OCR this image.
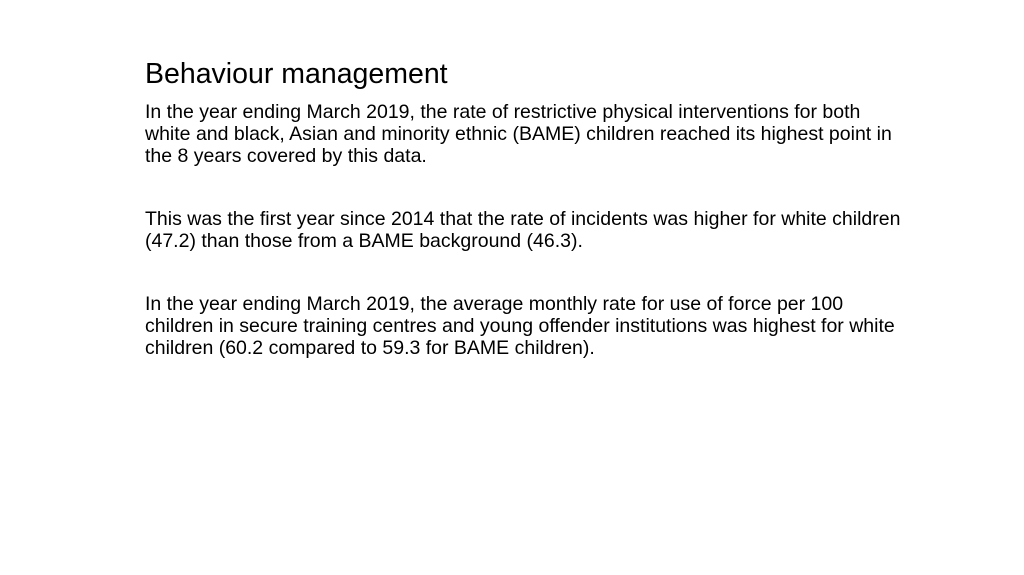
Behaviour management

In the year ending March 2019, the rate of restrictive physical interventions for both white and black, Asian and minority ethnic (BAME) children reached its highest point in the 8 years covered by this data.

This was the first year since 2014 that the rate of incidents was higher for white children (47.2) than those from a BAME background (46.3).

In the year ending March 2019, the average monthly rate for use of force per 100 children in secure training centres and young offender institutions was highest for white children (60.2 compared to 59.3 for BAME children).
